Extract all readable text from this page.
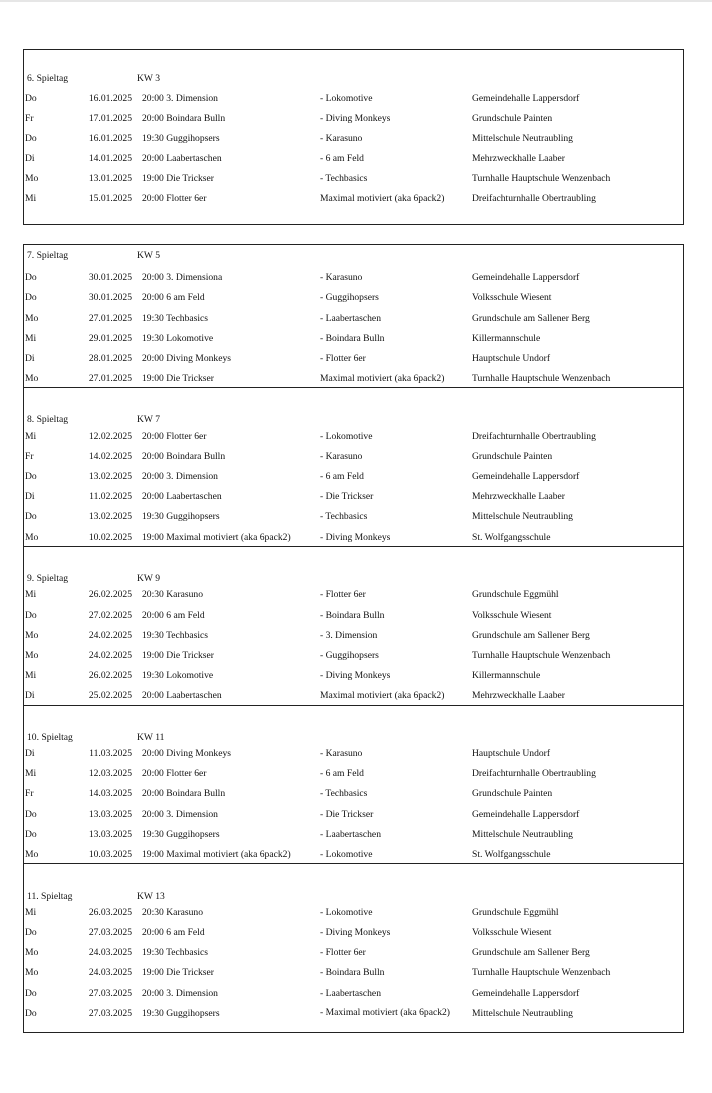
6. Spieltag	KW 3
Do	16.01.2025 20:00 3. Dimension	- Lokomotive	Gemeindehalle Lappersdorf
Fr	17.01.2025 20:00 Boindara Bulln	- Diving Monkeys	Grundschule Painten
Do	16.01.2025 19:30 Guggihopsers	- Karasuno	Mittelschule Neutraubling
Di	14.01.2025 20:00 Laabertaschen	- 6 am Feld	Mehrzweckhalle Laaber
Mo	13.01.2025 19:00 Die Trickser	- Techbasics	Turnhalle Hauptschule Wenzenbach
Mi	15.01.2025 20:00 Flotter 6er	Maximal motiviert (aka 6pack2)	Dreifachturnhalle Obertraubling
7. Spieltag	KW 5
Do	30.01.2025 20:00 3. Dimensiona	- Karasuno	Gemeindehalle Lappersdorf
Do	30.01.2025 20:00 6 am Feld	- Guggihopsers	Volksschule Wiesent
Mo	27.01.2025 19:30 Techbasics	- Laabertaschen	Grundschule am Sallener Berg
Mi	29.01.2025 19:30 Lokomotive	- Boindara Bulln	Killermannschule
Di	28.01.2025 20:00 Diving Monkeys	- Flotter 6er	Hauptschule Undorf
Mo	27.01.2025 19:00 Die Trickser	Maximal motiviert (aka 6pack2)	Turnhalle Hauptschule Wenzenbach
8. Spieltag	KW 7
Mi	12.02.2025 20:00 Flotter 6er	- Lokomotive	Dreifachturnhalle Obertraubling
Fr	14.02.2025 20:00 Boindara Bulln	- Karasuno	Grundschule Painten
Do	13.02.2025 20:00 3. Dimension	- 6 am Feld	Gemeindehalle Lappersdorf
Di	11.02.2025 20:00 Laabertaschen	- Die Trickser	Mehrzweckhalle Laaber
Do	13.02.2025 19:30 Guggihopsers	- Techbasics	Mittelschule Neutraubling
Mo	10.02.2025 19:00 Maximal motiviert (aka 6pack2)	- Diving Monkeys	St. Wolfgangsschule
9. Spieltag	KW 9
Mi	26.02.2025 20:30 Karasuno	- Flotter 6er	Grundschule Eggmühl
Do	27.02.2025 20:00 6 am Feld	- Boindara Bulln	Volksschule Wiesent
Mo	24.02.2025 19:30 Techbasics	- 3. Dimension	Grundschule am Sallener Berg
Mo	24.02.2025 19:00 Die Trickser	- Guggihopsers	Turnhalle Hauptschule Wenzenbach
Mi	26.02.2025 19:30 Lokomotive	- Diving Monkeys	Killermannschule
Di	25.02.2025 20:00 Laabertaschen	Maximal motiviert (aka 6pack2)	Mehrzweckhalle Laaber
10. Spieltag	KW 11
Di	11.03.2025 20:00 Diving Monkeys	- Karasuno	Hauptschule Undorf
Mi	12.03.2025 20:00 Flotter 6er	- 6 am Feld	Dreifachturnhalle Obertraubling
Fr	14.03.2025 20:00 Boindara Bulln	- Techbasics	Grundschule Painten
Do	13.03.2025 20:00 3. Dimension	- Die Trickser	Gemeindehalle Lappersdorf
Do	13.03.2025 19:30 Guggihopsers	- Laabertaschen	Mittelschule Neutraubling
Mo	10.03.2025 19:00 Maximal motiviert (aka 6pack2)	- Lokomotive	St. Wolfgangsschule
11. Spieltag	KW 13
Mi	26.03.2025 20:30 Karasuno	- Lokomotive	Grundschule Eggmühl
Do	27.03.2025 20:00 6 am Feld	- Diving Monkeys	Volksschule Wiesent
Mo	24.03.2025 19:30 Techbasics	- Flotter 6er	Grundschule am Sallener Berg
Mo	24.03.2025 19:00 Die Trickser	- Boindara Bulln	Turnhalle Hauptschule Wenzenbach
Do	27.03.2025 20:00 3. Dimension	- Laabertaschen	Gemeindehalle Lappersdorf
Do	27.03.2025 19:30 Guggihopsers	- Maximal motiviert (aka 6pack2)	Mittelschule Neutraubling
